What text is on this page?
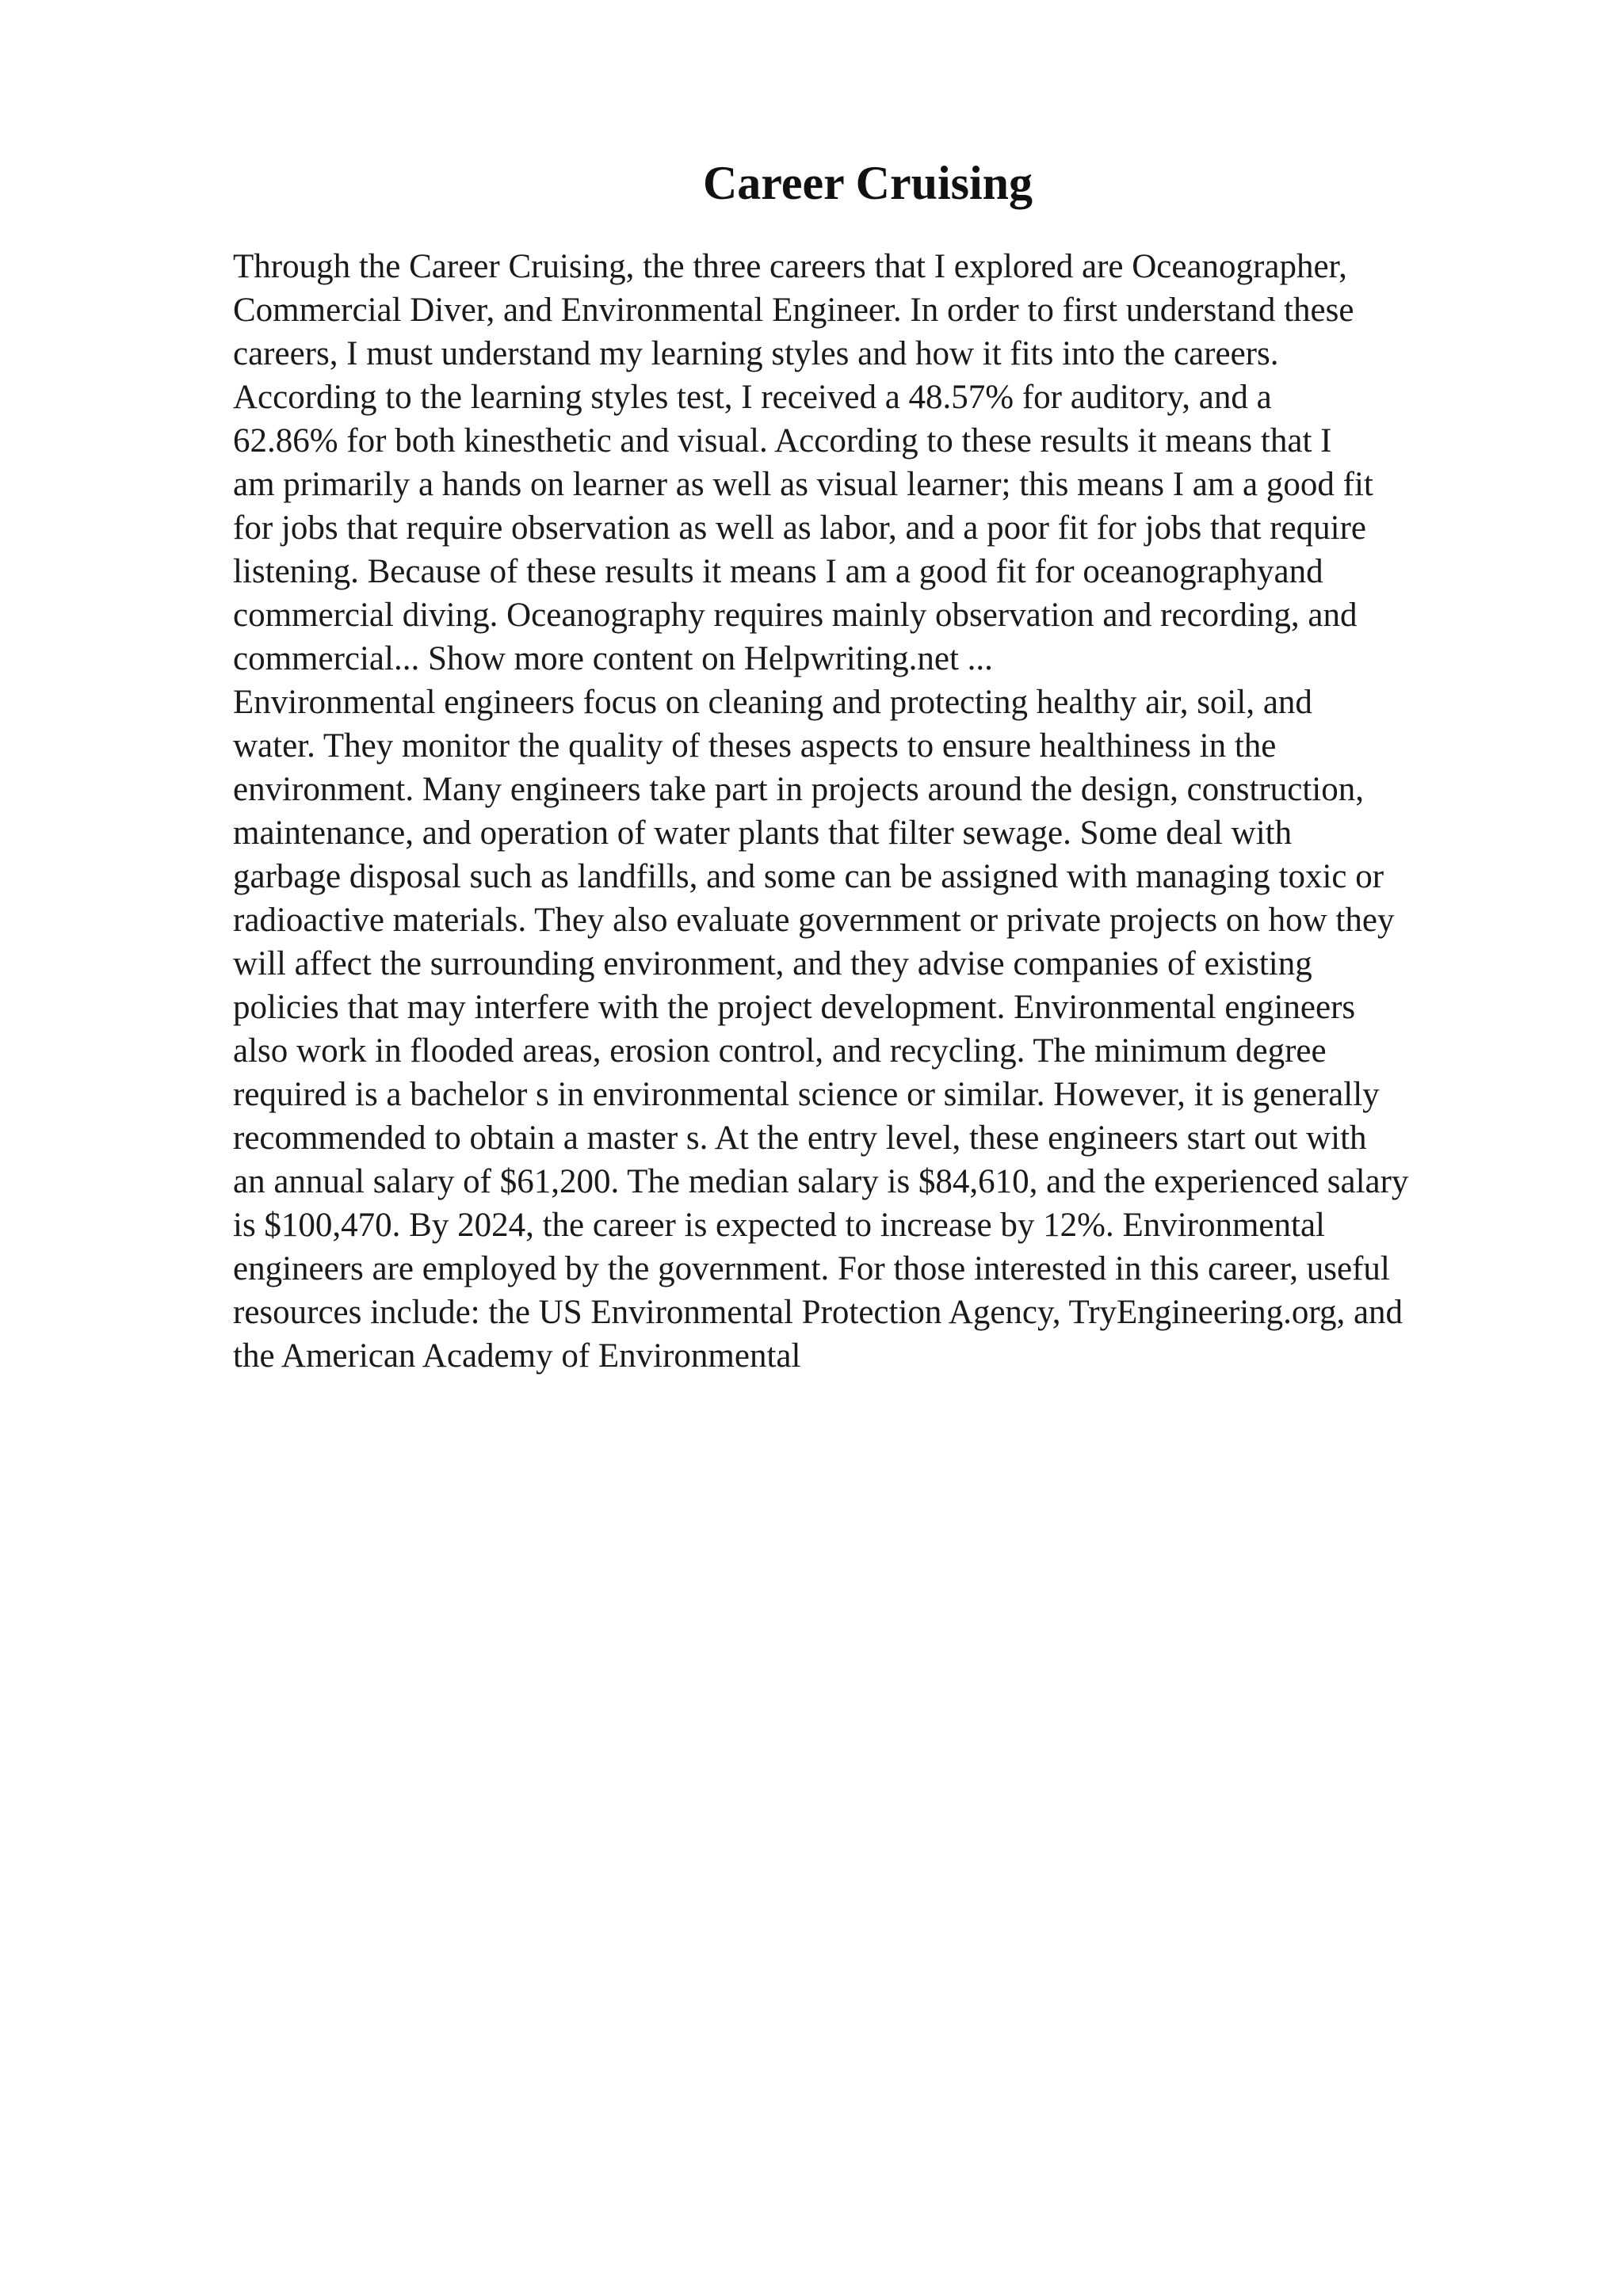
Career Cruising
Through the Career Cruising, the three careers that I explored are Oceanographer,
Commercial Diver, and Environmental Engineer. In order to first understand these
careers, I must understand my learning styles and how it fits into the careers.
According to the learning styles test, I received a 48.57% for auditory, and a
62.86% for both kinesthetic and visual. According to these results it means that I
am primarily a hands on learner as well as visual learner; this means I am a good fit
for jobs that require observation as well as labor, and a poor fit for jobs that require
listening. Because of these results it means I am a good fit for oceanographyand
commercial diving. Oceanography requires mainly observation and recording, and
commercial... Show more content on Helpwriting.net ...
Environmental engineers focus on cleaning and protecting healthy air, soil, and
water. They monitor the quality of theses aspects to ensure healthiness in the
environment. Many engineers take part in projects around the design, construction,
maintenance, and operation of water plants that filter sewage. Some deal with
garbage disposal such as landfills, and some can be assigned with managing toxic or
radioactive materials. They also evaluate government or private projects on how they
will affect the surrounding environment, and they advise companies of existing
policies that may interfere with the project development. Environmental engineers
also work in flooded areas, erosion control, and recycling. The minimum degree
required is a bachelor s in environmental science or similar. However, it is generally
recommended to obtain a master s. At the entry level, these engineers start out with
an annual salary of $61,200. The median salary is $84,610, and the experienced salary
is $100,470. By 2024, the career is expected to increase by 12%. Environmental
engineers are employed by the government. For those interested in this career, useful
resources include: the US Environmental Protection Agency, TryEngineering.org, and
the American Academy of Environmental
